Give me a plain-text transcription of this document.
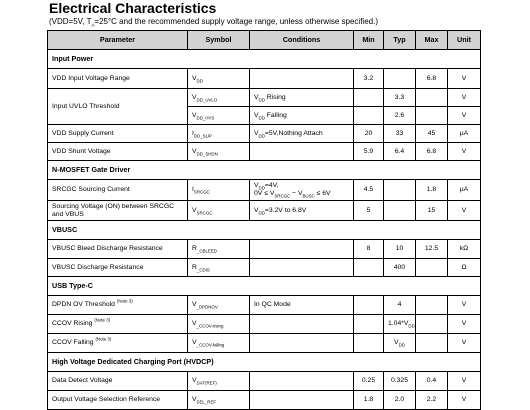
Electrical Characteristics
(VDD=5V, $T_A=25^\circ C$ and the recommended supply voltage range, unless otherwise specified.)
Parameter	Symbol	Conditions	Min	Typ	Max	Unit
Input Power						
VDD Input Voltage Range	$V_{DD}$		3.2		6.8	V
Input UVLO Threshold	$V_{DD\_UVLO}$	$V_{DD}$ Rising		3.3		V
	$V_{DD\_HYS}$	$V_{DD}$ Falling		2.6		V
VDD Supply Current	$I_{DD\_SUP}$	$V_{DD}=5V,Nothing$ Attach	20	33	45	μA
VDD Shunt Voltage	$V_{DD\_SHDN}$		5.9	6.4	6.8	V
N-MOSFET Gate Driver						
SRCGC Sourcing Current	$I_{SRCGC}$	$V_{DD}=4V$,
$0V \le V_{SRCGC} - V_{BUSC} \le 6V$	4.5		1.8	μA
Sourcing Voltage (ON) between SRCGC and VBUS	$V_{SRCGC}$	$V_{DD}=3.2V$ to 6.8V	5		15	V
VBUSC						
VBUSC Bleed Discharge Resistance	$R_{\_CBLEED}$		8	10	12.5	kΩ
VBUSC Discharge Resistance	$R_{\_CDIS}$			400		Ω
USB Type-C						
DPDN OV Threshold $^{(Note 3)}$	$V_{\_DPDNOV}$	In QC Mode		4		V
CCOV Rising $^{(Note 3)}$	$V_{\_CCOV-rising}$			$1.04*V_{DD}$		V
CCOV Falling $^{(Note 3)}$	$V_{\_CCOV-falling}$			$V_{DD}$		V
High Voltage Dedicated Charging Port (HVDCP)						
Data Detect Voltage	$V_{DAT(REF)}$		0.25	0.325	0.4	V
Output Voltage Selection Reference	$V_{SEL\_REF}$		1.8	2.0	2.2	V
